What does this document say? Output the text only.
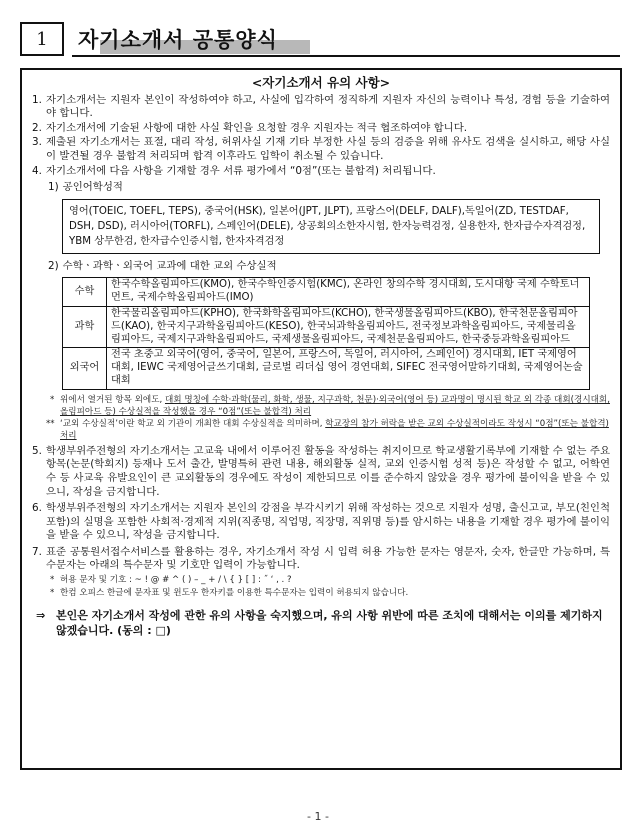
1	자기소개서 공통양식
<자기소개서 유의 사항>
1. 자기소개서는 지원자 본인이 작성하여야 하고, 사실에 입각하여 정직하게 지원자 자신의 능력이나 특성, 경험 등을 기술하여야 합니다.
2. 자기소개서에 기술된 사항에 대한 사실 확인을 요청할 경우 지원자는 적극 협조하여야 합니다.
3. 제출된 자기소개서는 표절, 대리 작성, 허위사실 기재 기타 부정한 사실 등의 검증을 위해 유사도 검색을 실시하고, 해당 사실이 발견될 경우 불합격 처리되며 합격 이후라도 입학이 취소될 수 있습니다.
4. 자기소개서에 다음 사항을 기재할 경우 서류 평가에서 “0점”(또는 불합격) 처리됩니다.
1) 공인어학성적
영어(TOEIC, TOEFL, TEPS), 중국어(HSK), 일본어(JPT, JLPT), 프랑스어(DELF, DALF),독일어(ZD, TESTDAF, DSH, DSD), 러시아어(TORFL), 스페인어(DELE), 상공회의소한자시험, 한자능력검정, 실용한자, 한자급수자격검정, YBM 상무한검, 한자급수인증시험, 한자자격검정
2) 수학ㆍ과학ㆍ외국어 교과에 대한 교외 수상실적
수학	한국수학올림피아드(KMO), 한국수학인증시험(KMC), 온라인 창의수학 경시대회, 도시대항 국제 수학토너먼트, 국제수학올림피아드(IMO)
과학	한국물리올림피아드(KPHO), 한국화학올림피아드(KCHO), 한국생물올림피아드(KBO), 한국천문올림피아드(KAO), 한국지구과학올림피아드(KESO), 한국뇌과학올림피아드, 전국정보과학올림피아드, 국제물리올림피아드, 국제지구과학올림피아드, 국제생물올림피아드, 국제천문올림피아드, 한국중등과학올림피아드
외국어	전국 초중고 외국어(영어, 중국어, 일본어, 프랑스어, 독일어, 러시아어, 스페인어) 경시대회, IET 국제영어대회, IEWC 국제영어글쓰기대회, 글로벌 리더십 영어 경연대회, SIFEC 전국영어말하기대회, 국제영어논술대회
* 위에서 열거된 항목 외에도, 대회 명칭에 수학·과학(물리, 화학, 생물, 지구과학, 천문)·외국어(영어 등) 교과명이 명시된 학교 외 각종 대회(경시대회, 올림피아드 등) 수상실적을 작성했을 경우 “0점”(또는 불합격) 처리
** ‘교외 수상실적’이란 학교 외 기관이 개최한 대회 수상실적을 의미하며, 학교장의 참가 허락을 받은 교외 수상실적이라도 작성시 “0점”(또는 불합격) 처리
5. 학생부위주전형의 자기소개서는 고교육 내에서 이루어진 활동을 작성하는 취지이므로 학교생활기록부에 기재할 수 없는 주요 항목(논문(학회지) 등재나 도서 출간, 발명특허 관련 내용, 해외활동 실적, 교외 인증시험 성적 등)은 작성할 수 없고, 어학연수 등 사교육 유발요인이 큰 교외활동의 경우에도 작성이 제한되므로 이를 준수하지 않았을 경우 평가에 불이익을 받을 수 있으니, 작성을 금지합니다.
6. 학생부위주전형의 자기소개서는 지원자 본인의 강점을 부각시키기 위해 작성하는 것으로 지원자 성명, 출신고교, 부모(친인척포함)의 실명을 포함한 사회적·경제적 지위(직종명, 직업명, 직장명, 직위명 등)를 암시하는 내용을 기재할 경우 평가에 불이익을 받을 수 있으니, 작성을 금지합니다.
7. 표준 공통원서접수서비스를 활용하는 경우, 자기소개서 작성 시 입력 허용 가능한 문자는 영문자, 숫자, 한글만 가능하며, 특수문자는 아래의 특수문자 및 기호만 입력이 가능합니다.
* 허용 문자 및 기호 : ~ ! @ # ^ ( ) – _ + / \ { } [ ] : ˝ ‘ , . ?
* 한컴 오피스 한글에 문자표 및 윈도우 한자키를 이용한 특수문자는 입력이 허용되지 않습니다.
⇒ 본인은 자기소개서 작성에 관한 유의 사항을 숙지했으며, 유의 사항 위반에 따른 조치에 대해서는 이의를 제기하지 않겠습니다. (동의 : □)
- 1 -
